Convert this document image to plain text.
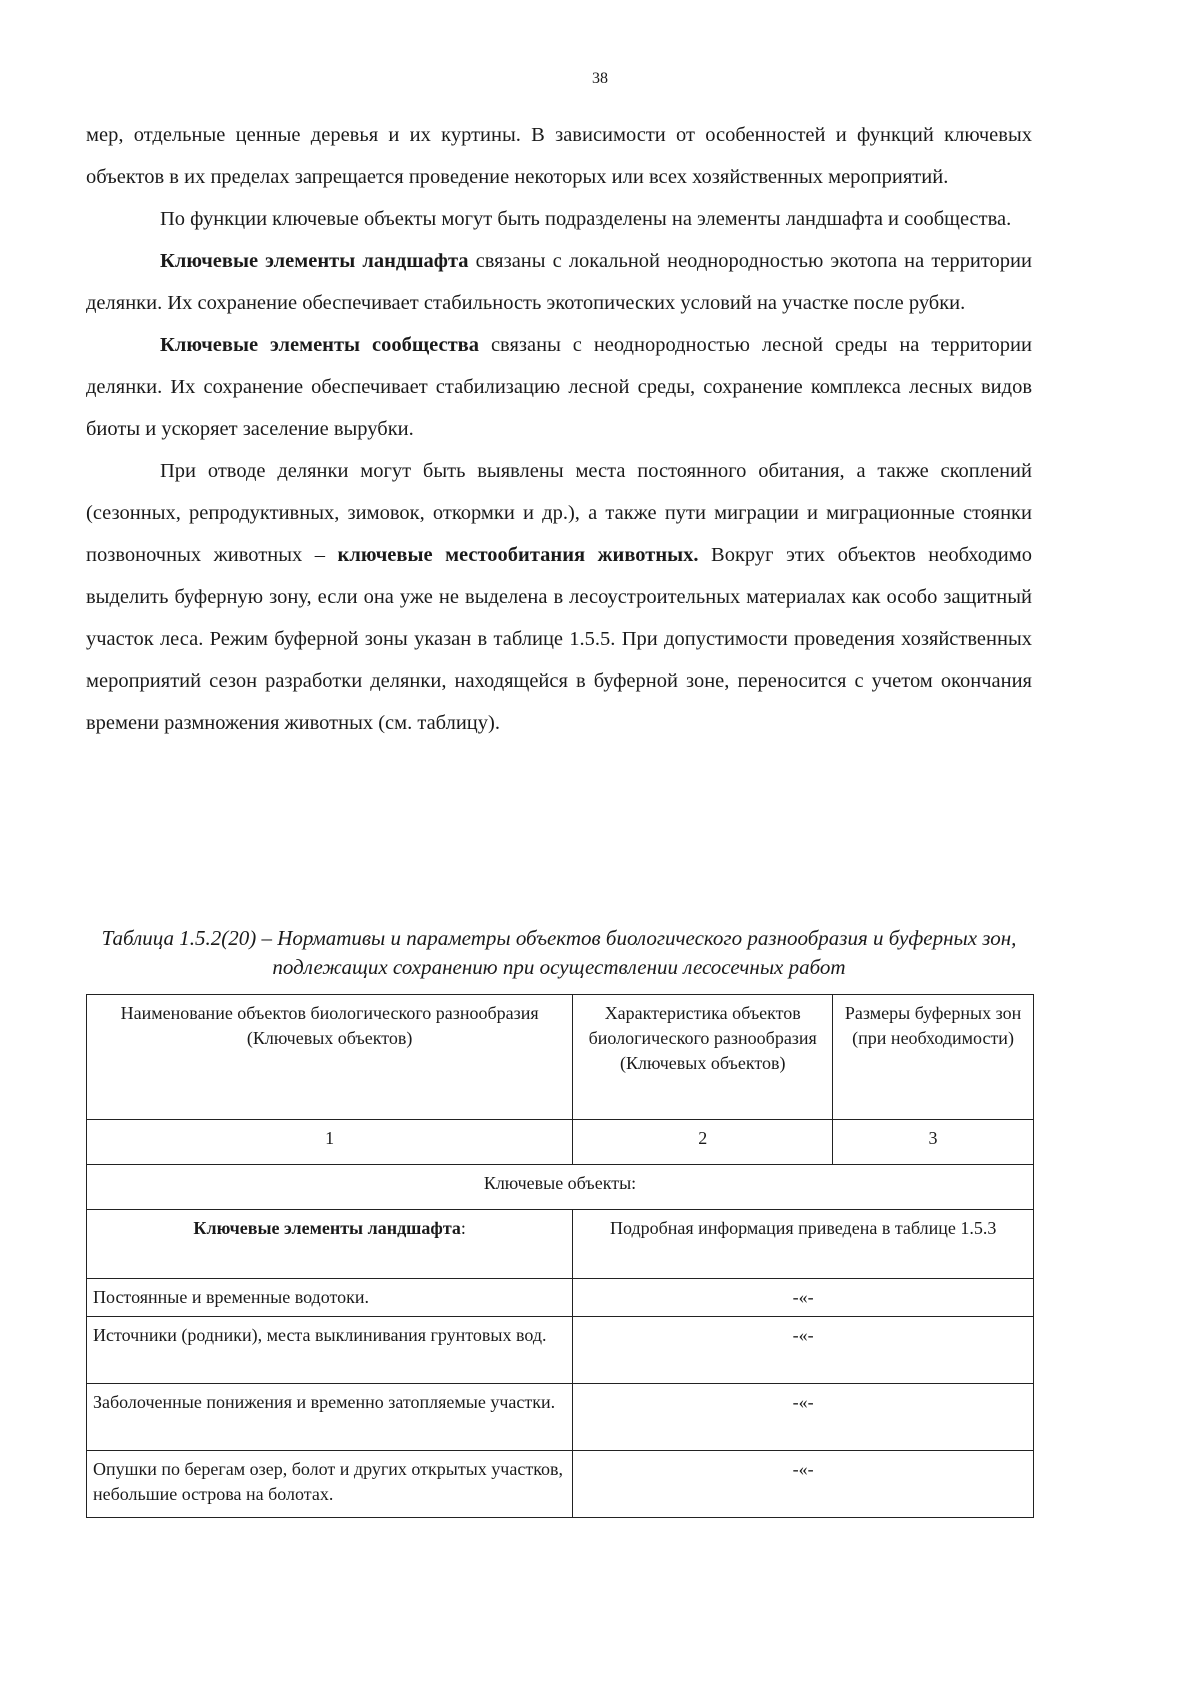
38

мер, отдельные ценные деревья и их куртины. В зависимости от особенностей и функций ключевых объектов в их пределах запрещается проведение некоторых или всех хозяйственных мероприятий.

По функции ключевые объекты могут быть подразделены на элементы ландшафта и сообщества.

Ключевые элементы ландшафта связаны с локальной неоднородностью экотопа на территории делянки. Их сохранение обеспечивает стабильность экотопических условий на участке после рубки.

Ключевые элементы сообщества связаны с неоднородностью лесной среды на территории делянки. Их сохранение обеспечивает стабилизацию лесной среды, сохранение комплекса лесных видов биоты и ускоряет заселение вырубки.

При отводе делянки могут быть выявлены места постоянного обитания, а также скоплений (сезонных, репродуктивных, зимовок, откормки и др.), а также пути миграции и миграционные стоянки позвоночных животных – ключевые местообитания животных. Вокруг этих объектов необходимо выделить буферную зону, если она уже не выделена в лесоустроительных материалах как особо защитный участок леса. Режим буферной зоны указан в таблице 1.5.5. При допустимости проведения хозяйственных мероприятий сезон разработки делянки, находящейся в буферной зоне, переносится с учетом окончания времени размножения животных (см. таблицу).

Таблица 1.5.2(20) – Нормативы и параметры объектов биологического разнообразия и буферных зон, подлежащих сохранению при осуществлении лесосечных работ
Наименование объектов биологического разнообразия (Ключевых объектов)	Характеристика объектов биологического разнообразия (Ключевых объектов)	Размеры буферных зон (при необходимости)
1	2	3
Ключевые объекты:		
Ключевые элементы ландшафта:	Подробная информация приведена в таблице 1.5.3	
Постоянные и временные водотоки.	-«-	
Источники (родники), места выклинивания грунтовых вод.	-«-	
Заболоченные понижения и временно затопляемые участки.	-«-	
Опушки по берегам озер, болот и других открытых участков, небольшие острова на болотах.	-«-	
